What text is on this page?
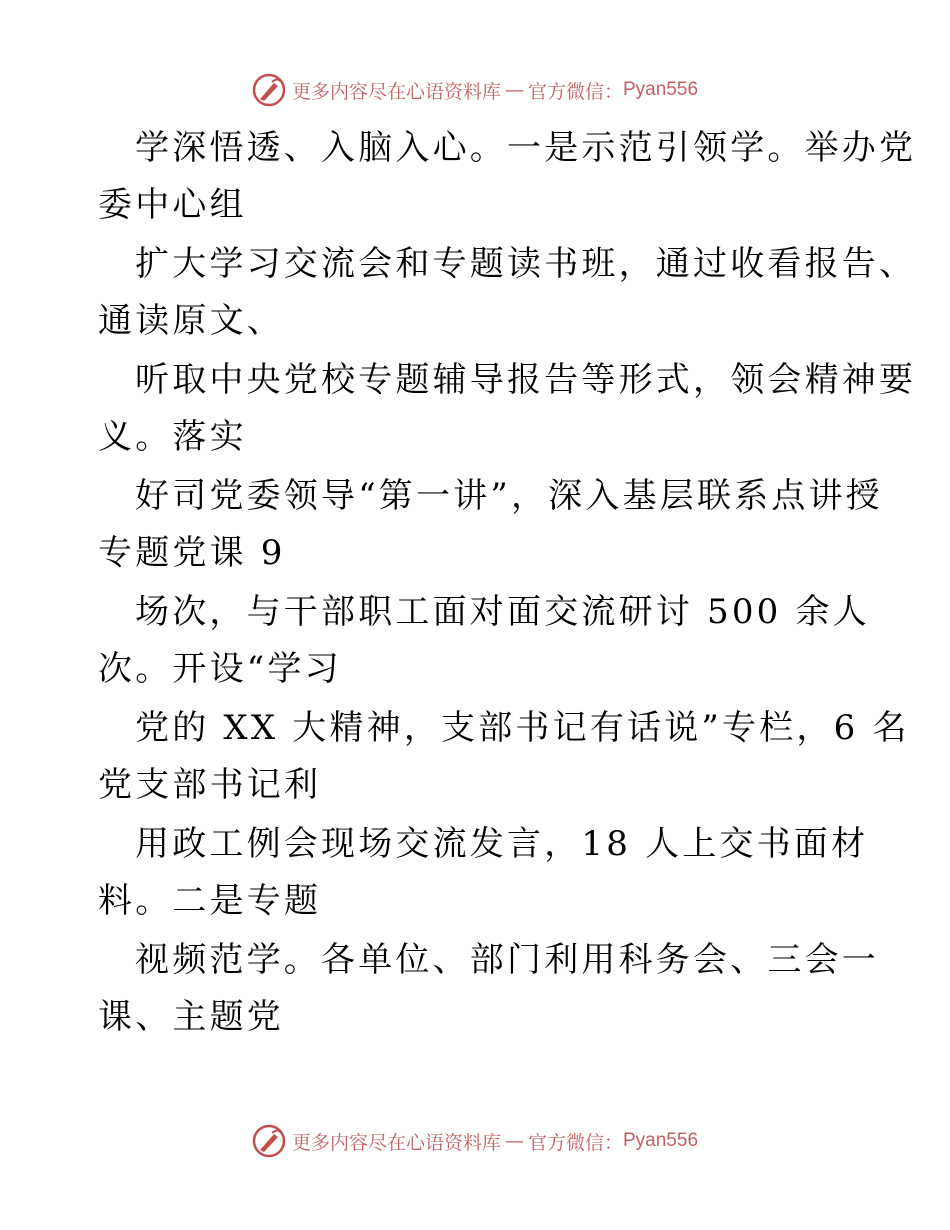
更多内容尽在心语资料库 — 官方微信： Pyan556
学深悟透、入脑入心。一是示范引领学。举办党
委中心组
扩大学习交流会和专题读书班，通过收看报告、
通读原文、
听取中央党校专题辅导报告等形式，领会精神要
义。落实
好司党委领导“第一讲”，深入基层联系点讲授
专题党课 9
场次，与干部职工面对面交流研讨 500 余人
次。开设“学习
党的 XX 大精神，支部书记有话说”专栏，6 名
党支部书记利
用政工例会现场交流发言，18 人上交书面材
料。二是专题
视频范学。各单位、部门利用科务会、三会一
课、主题党
更多内容尽在心语资料库 — 官方微信： Pyan556
